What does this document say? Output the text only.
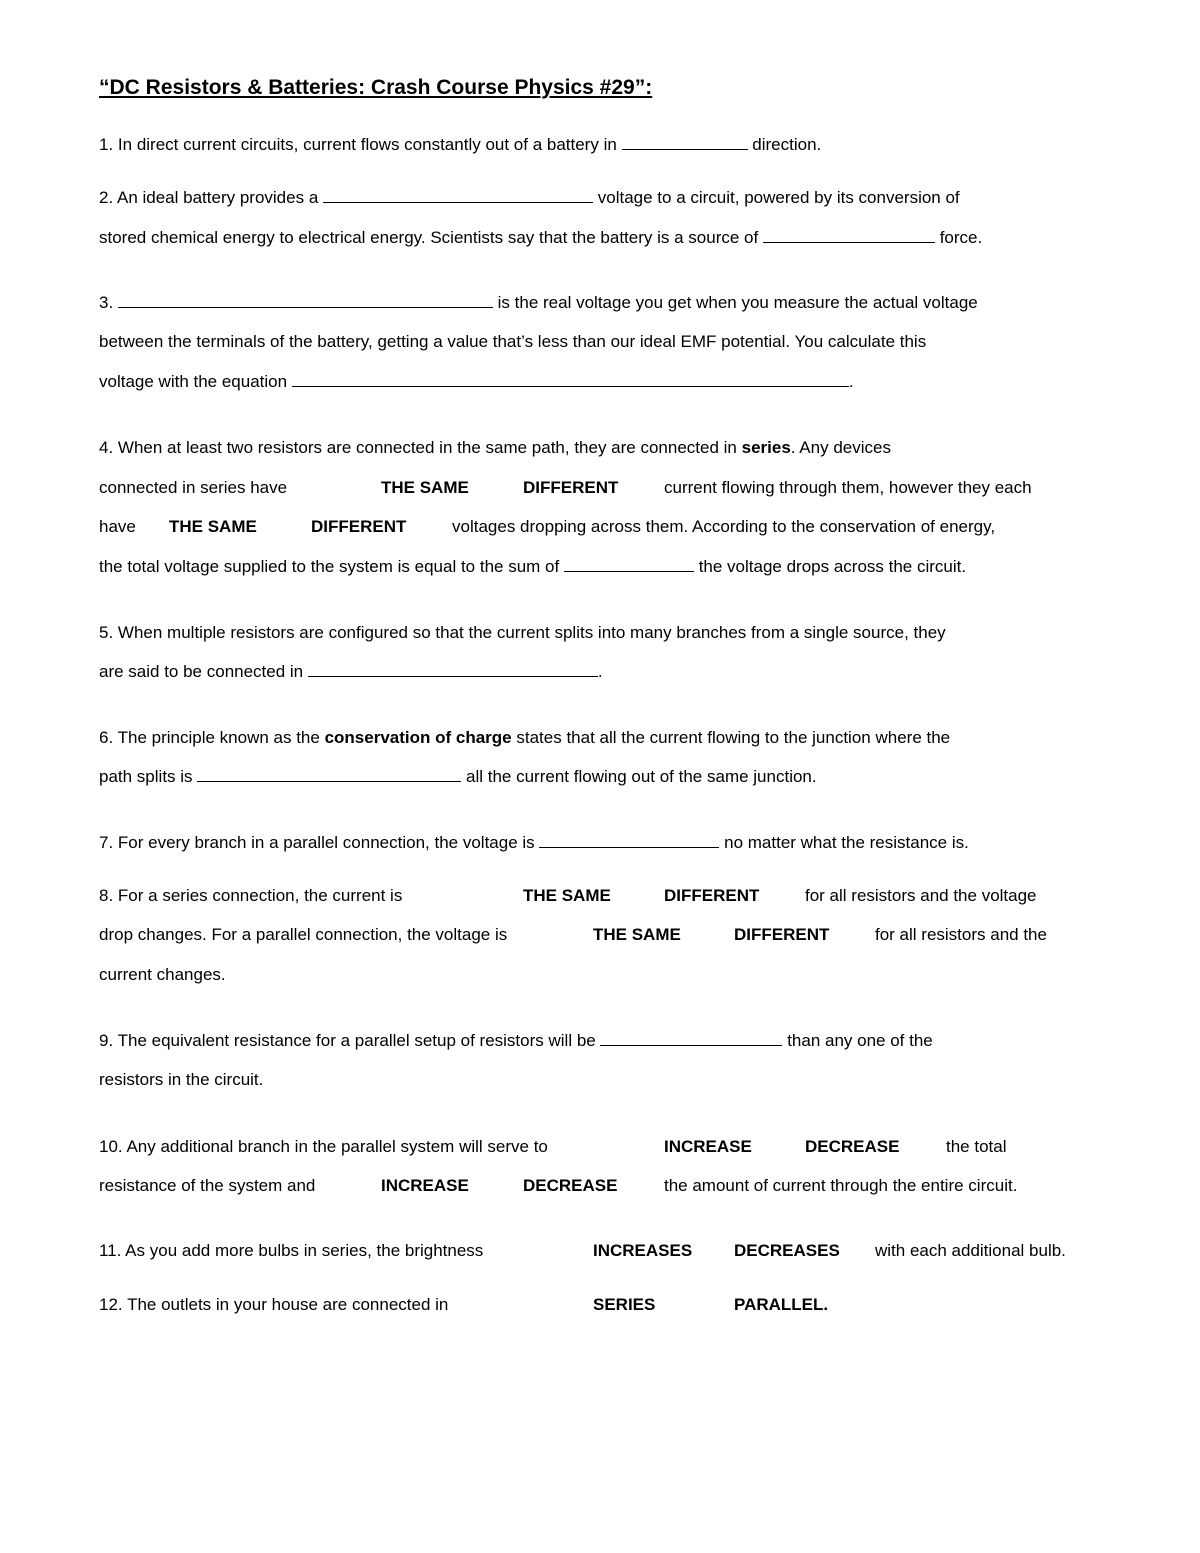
“DC Resistors & Batteries: Crash Course Physics #29”:
1. In direct current circuits, current flows constantly out of a battery in	direction.
2. An ideal battery provides a	voltage to a circuit, powered by its conversion of
stored chemical energy to electrical energy. Scientists say that the battery is a source of	force.
3.	is the real voltage you get when you measure the actual voltage
between the terminals of the battery, getting a value that’s less than our ideal EMF potential. You calculate this
voltage with the equation	.
4. When at least two resistors are connected in the same path, they are connected in series. Any devices
connected in series have	THE SAME	DIFFERENT	current flowing through them, however they each
have THE SAME	DIFFERENT	voltages dropping across them. According to the conservation of energy,
the total voltage supplied to the system is equal to the sum of	the voltage drops across the circuit.
5. When multiple resistors are configured so that the current splits into many branches from a single source, they
are said to be connected in	.
6. The principle known as the conservation of charge states that all the current flowing to the junction where the
path splits is	all the current flowing out of the same junction.
7. For every branch in a parallel connection, the voltage is	no matter what the resistance is.
8. For a series connection, the current is	THE SAME	DIFFERENT	for all resistors and the voltage
drop changes. For a parallel connection, the voltage is	THE SAME	DIFFERENT	for all resistors and the
current changes.
9. The equivalent resistance for a parallel setup of resistors will be	than any one of the
resistors in the circuit.
10. Any additional branch in the parallel system will serve to	INCREASE	DECREASE	the total
resistance of the system and	INCREASE	DECREASE	the amount of current through the entire circuit.
11. As you add more bulbs in series, the brightness	INCREASES DECREASES with each additional bulb.
12. The outlets in your house are connected in	SERIES	PARALLEL.
